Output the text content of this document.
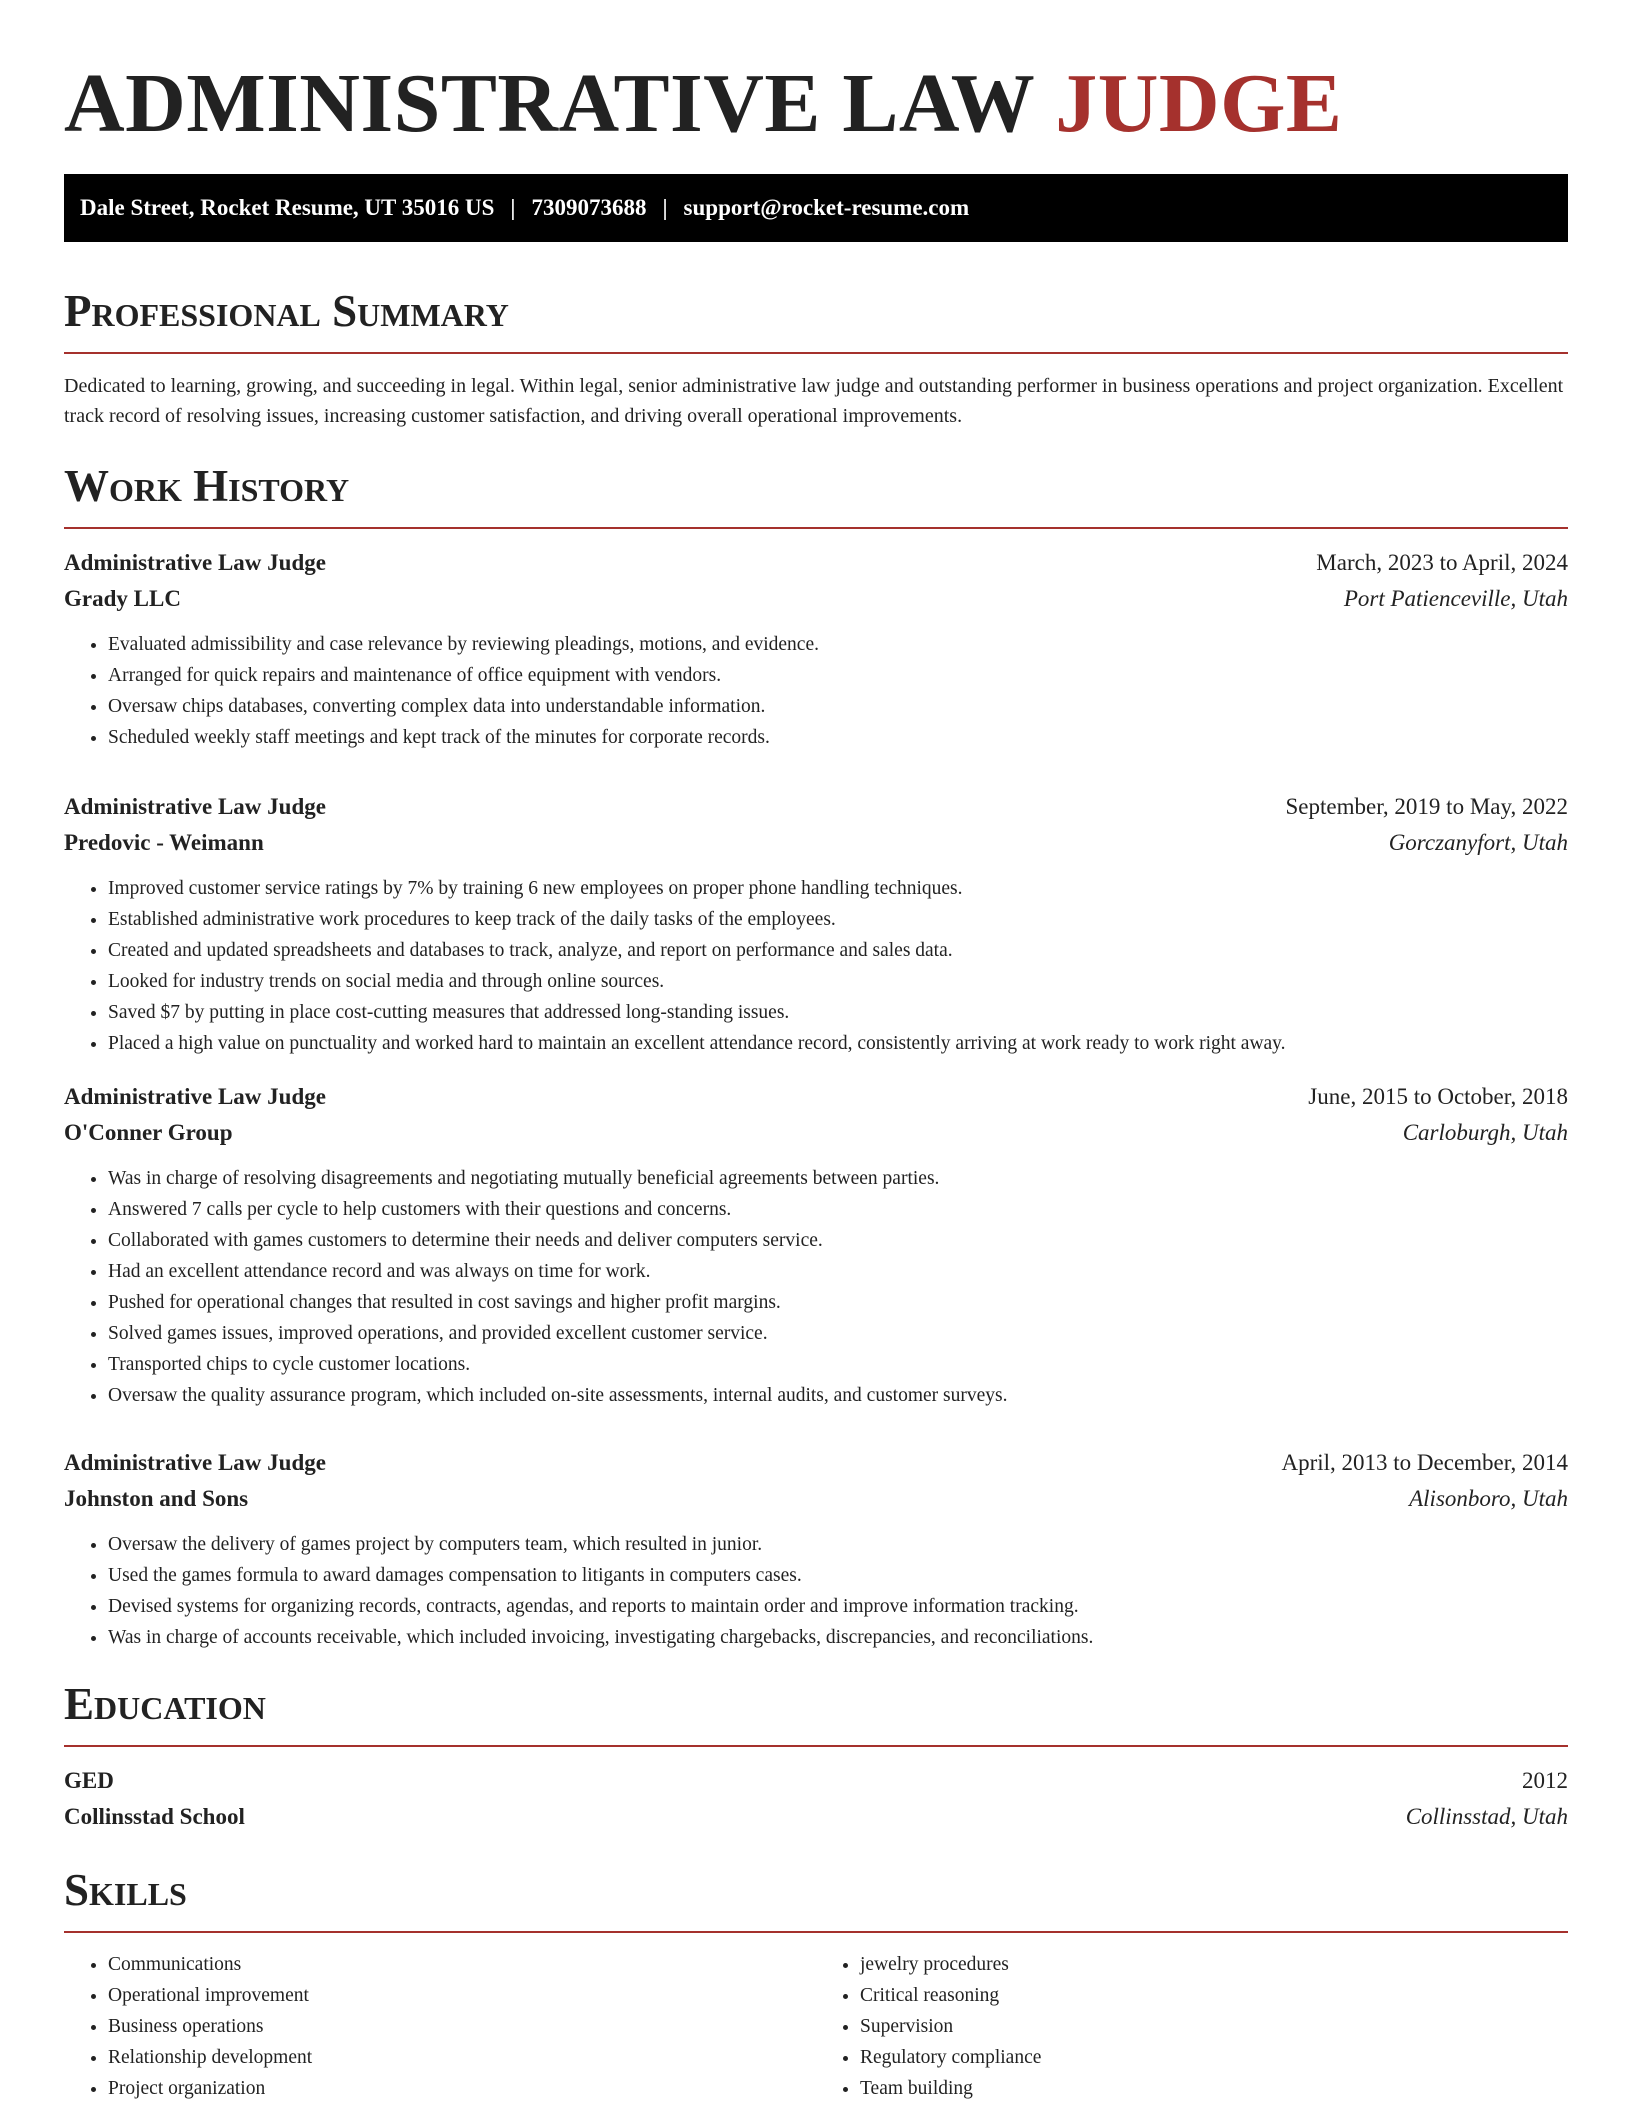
ADMINISTRATIVE LAW JUDGE
Dale Street, Rocket Resume, UT 35016 US | 7309073688 | support@rocket-resume.com
Professional Summary

Dedicated to learning, growing, and succeeding in legal. Within legal, senior administrative law judge and outstanding performer in business operations and project organization. Excellent track record of resolving issues, increasing customer satisfaction, and driving overall operational improvements.

Work History
Administrative Law Judge	March, 2023 to April, 2024
Grady LLC	Port Patienceville, Utah
• Evaluated admissibility and case relevance by reviewing pleadings, motions, and evidence.
• Arranged for quick repairs and maintenance of office equipment with vendors.
• Oversaw chips databases, converting complex data into understandable information.
• Scheduled weekly staff meetings and kept track of the minutes for corporate records.
Administrative Law Judge	September, 2019 to May, 2022
Predovic - Weimann	Gorczanyfort, Utah
• Improved customer service ratings by 7% by training 6 new employees on proper phone handling techniques.
• Established administrative work procedures to keep track of the daily tasks of the employees.
• Created and updated spreadsheets and databases to track, analyze, and report on performance and sales data.
• Looked for industry trends on social media and through online sources.
• Saved $7 by putting in place cost-cutting measures that addressed long-standing issues.
• Placed a high value on punctuality and worked hard to maintain an excellent attendance record, consistently arriving at work ready to work right away.
Administrative Law Judge	June, 2015 to October, 2018
O'Conner Group	Carloburgh, Utah
• Was in charge of resolving disagreements and negotiating mutually beneficial agreements between parties.
• Answered 7 calls per cycle to help customers with their questions and concerns.
• Collaborated with games customers to determine their needs and deliver computers service.
• Had an excellent attendance record and was always on time for work.
• Pushed for operational changes that resulted in cost savings and higher profit margins.
• Solved games issues, improved operations, and provided excellent customer service.
• Transported chips to cycle customer locations.
• Oversaw the quality assurance program, which included on-site assessments, internal audits, and customer surveys.
Administrative Law Judge	April, 2013 to December, 2014
Johnston and Sons	Alisonboro, Utah
• Oversaw the delivery of games project by computers team, which resulted in junior.
• Used the games formula to award damages compensation to litigants in computers cases.
• Devised systems for organizing records, contracts, agendas, and reports to maintain order and improve information tracking.
• Was in charge of accounts receivable, which included invoicing, investigating chargebacks, discrepancies, and reconciliations.
Education
GED	2012
Collinsstad School	Collinsstad, Utah
Skills
• Communications
• Operational improvement
• Business operations
• Relationship development
• Project organization
• jewelry procedures
• Critical reasoning
• Supervision
• Regulatory compliance
• Team building
